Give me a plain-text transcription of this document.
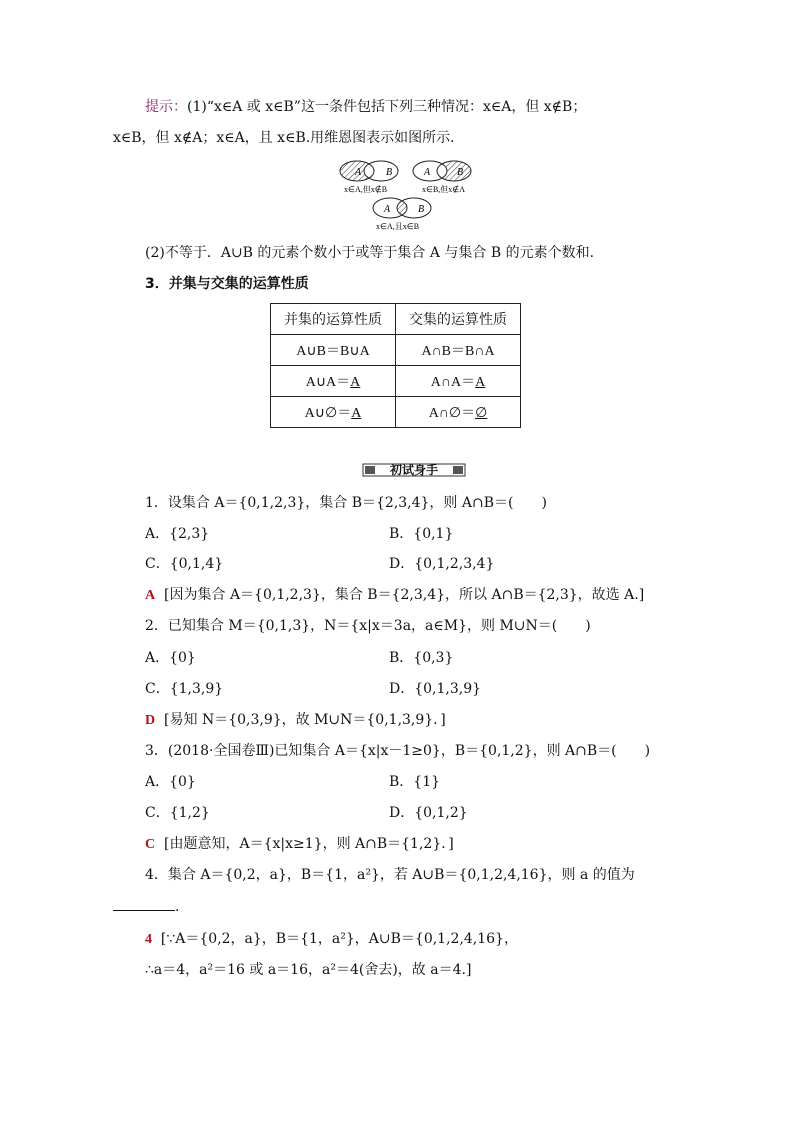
提示：(1)“x∈A 或 x∈B”这一条件包括下列三种情况：x∈A，但 x∉B；
x∈B，但 x∉A；x∈A，且 x∈B.用维恩图表示如图所示．
A B
x∈A,但x∉B
A	B
x∈B,但x∉A
A	B
x∈A,且x∈B
(2)不等于．A∪B 的元素个数小于或等于集合 A 与集合 B 的元素个数和．
3．并集与交集的运算性质
并集的运算性质	交集的运算性质
A∪B＝B∪A	A∩B＝B∩A
A∪A＝A	A∩A＝A
A∪∅＝A	A∩∅＝∅
初试身手
1．设集合 A＝{0,1,2,3}，集合 B＝{2,3,4}，则 A∩B＝(　　)
A．{2,3}	B．{0,1}
C．{0,1,4}	D．{0,1,2,3,4}
A [因为集合 A＝{0,1,2,3}，集合 B＝{2,3,4}，所以 A∩B＝{2,3}，故选 A.]
2．已知集合 M＝{0,1,3}，N＝{x|x＝3a，a∈M}，则 M∪N＝(　　)
A．{0}	B．{0,3}
C．{1,3,9}	D．{0,1,3,9}
D [易知 N＝{0,3,9}，故 M∪N＝{0,1,3,9}．]
3．(2018·全国卷Ⅲ)已知集合 A＝{x|x－1≥0}，B＝{0,1,2}，则 A∩B＝(　　)
A．{0}	B．{1}
C．{1,2}	D．{0,1,2}
C [由题意知，A＝{x|x≥1}，则 A∩B＝{1,2}．]
4．集合 A＝{0,2，a}，B＝{1，a²}，若 A∪B＝{0,1,2,4,16}，则 a 的值为
.
4 [∵A＝{0,2，a}，B＝{1，a²}，A∪B＝{0,1,2,4,16}，
∴a＝4，a²＝16 或 a＝16，a²＝4(舍去)，故 a＝4.]
